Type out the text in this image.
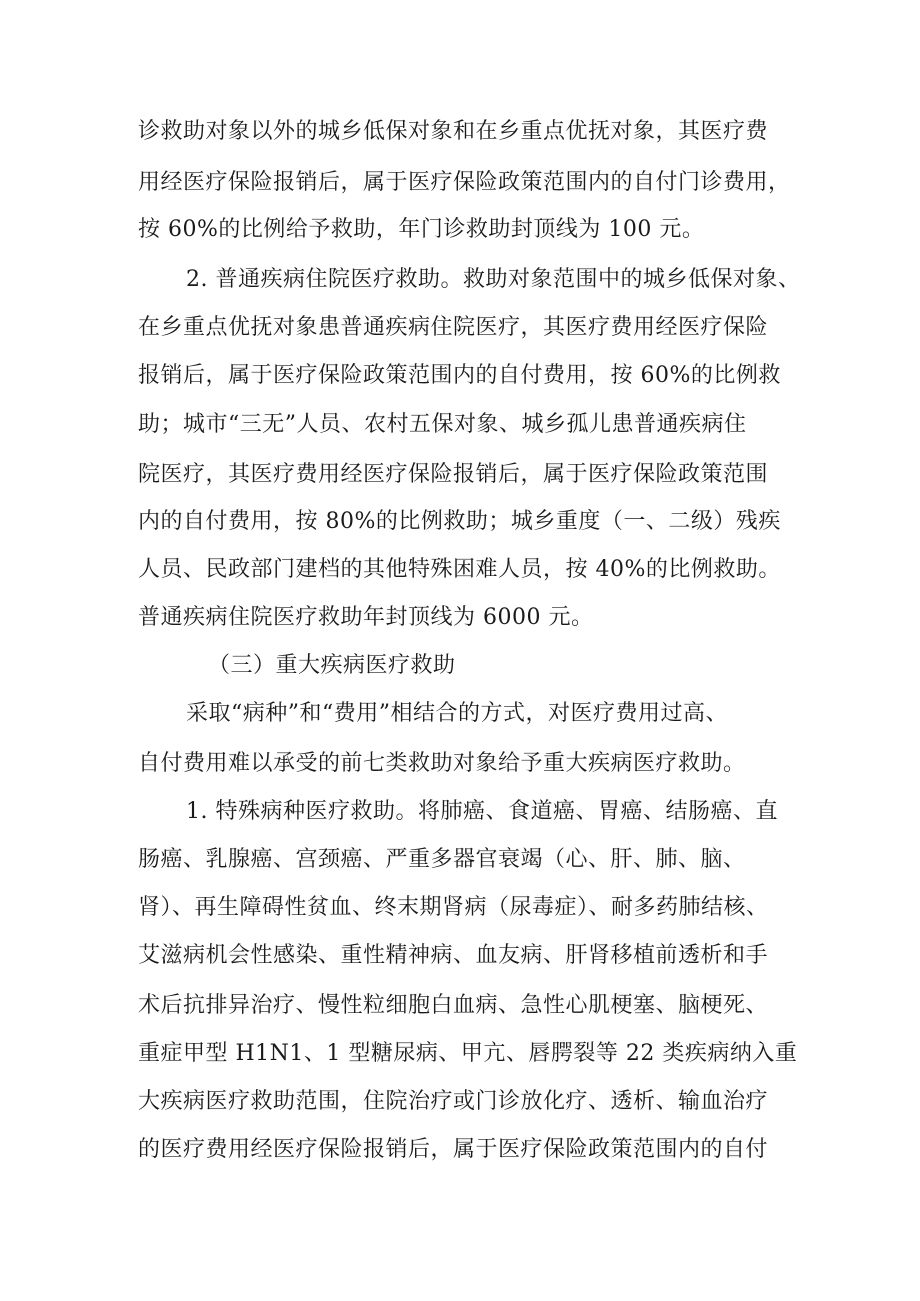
诊救助对象以外的城乡低保对象和在乡重点优抚对象，其医疗费
用经医疗保险报销后，属于医疗保险政策范围内的自付门诊费用，
按 60%的比例给予救助，年门诊救助封顶线为 100 元。
2. 普通疾病住院医疗救助。救助对象范围中的城乡低保对象、
在乡重点优抚对象患普通疾病住院医疗，其医疗费用经医疗保险
报销后，属于医疗保险政策范围内的自付费用，按 60%的比例救
助；城市“三无”人员、农村五保对象、城乡孤儿患普通疾病住
院医疗，其医疗费用经医疗保险报销后，属于医疗保险政策范围
内的自付费用，按 80%的比例救助；城乡重度（一、二级）残疾
人员、民政部门建档的其他特殊困难人员，按 40%的比例救助。
普通疾病住院医疗救助年封顶线为 6000 元。
（三）重大疾病医疗救助
采取“病种”和“费用”相结合的方式，对医疗费用过高、
自付费用难以承受的前七类救助对象给予重大疾病医疗救助。
1. 特殊病种医疗救助。将肺癌、食道癌、胃癌、结肠癌、直
肠癌、乳腺癌、宫颈癌、严重多器官衰竭（心、肝、肺、脑、
肾）、再生障碍性贫血、终末期肾病（尿毒症）、耐多药肺结核、
艾滋病机会性感染、重性精神病、血友病、肝肾移植前透析和手
术后抗排异治疗、慢性粒细胞白血病、急性心肌梗塞、脑梗死、
重症甲型 H1N1、1 型糖尿病、甲亢、唇腭裂等 22 类疾病纳入重
大疾病医疗救助范围，住院治疗或门诊放化疗、透析、输血治疗
的医疗费用经医疗保险报销后，属于医疗保险政策范围内的自付
